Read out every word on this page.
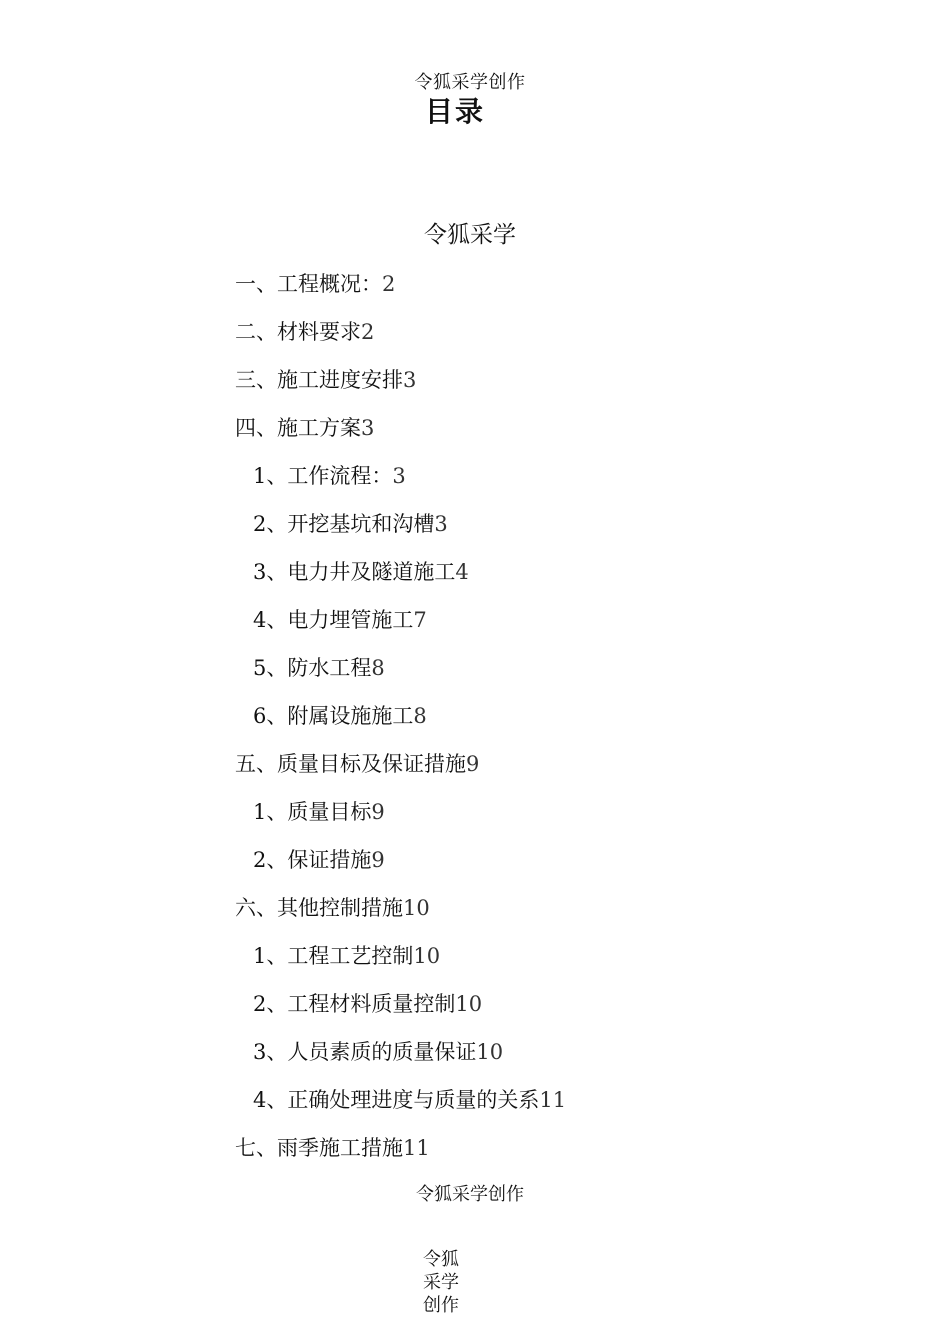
令狐采学创作
目录
令狐采学
一、工程概况：2
二、材料要求2
三、施工进度安排3
四、施工方案3
1、工作流程：3
2、开挖基坑和沟槽3
3、电力井及隧道施工4
4、电力埋管施工7
5、防水工程8
6、附属设施施工8
五、质量目标及保证措施9
1、质量目标9
2、保证措施9
六、其他控制措施10
1、工程工艺控制10
2、工程材料质量控制10
3、人员素质的质量保证10
4、正确处理进度与质量的关系11
七、雨季施工措施11
令狐采学创作
令狐
采学
创作
